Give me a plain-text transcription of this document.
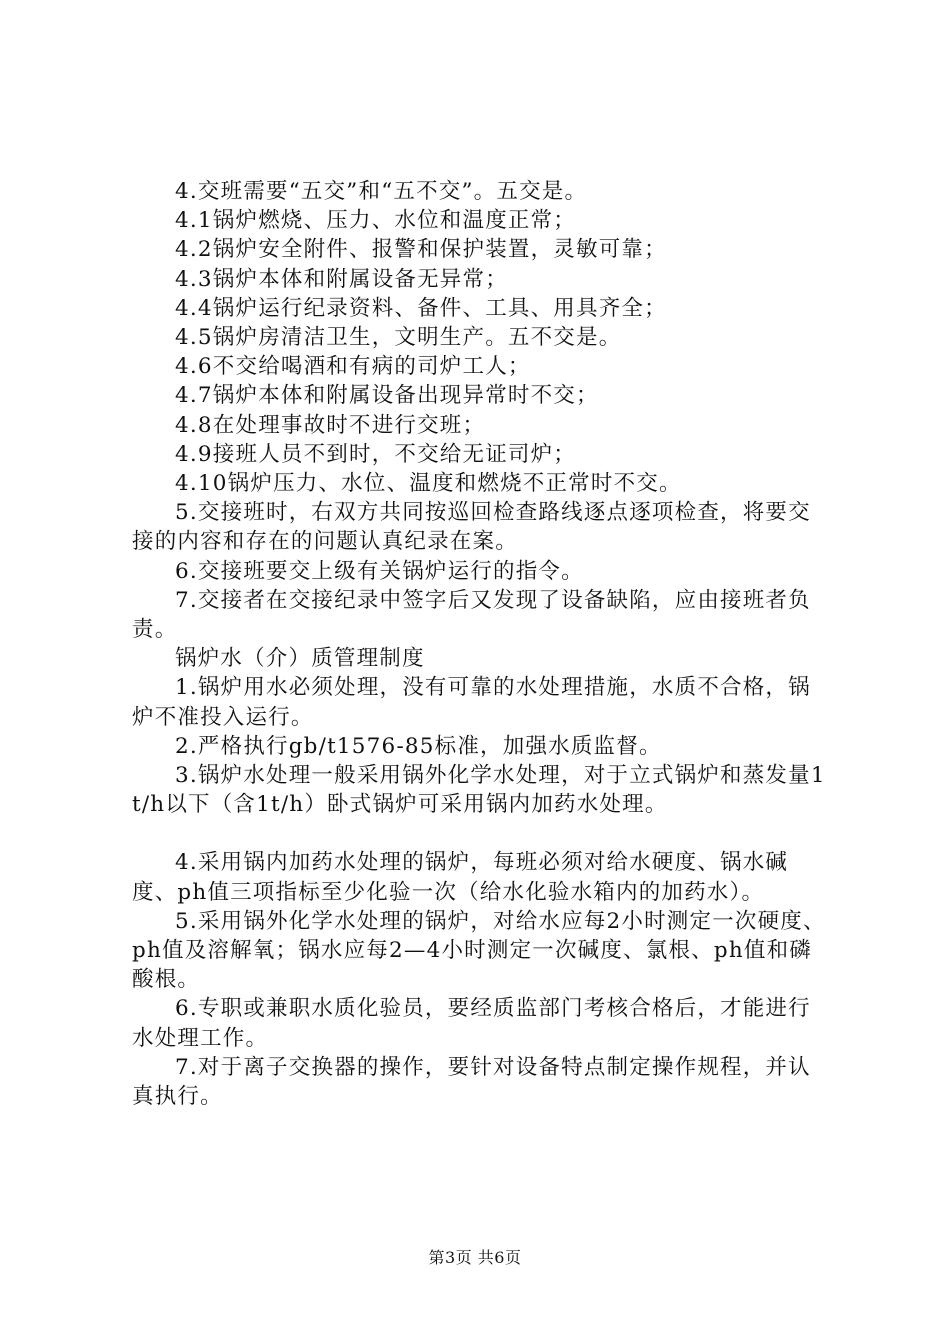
4.交班需要“五交”和“五不交”。五交是。

4.1锅炉燃烧、压力、水位和温度正常；

4.2锅炉安全附件、报警和保护装置，灵敏可靠；

4.3锅炉本体和附属设备无异常；

4.4锅炉运行纪录资料、备件、工具、用具齐全；

4.5锅炉房清洁卫生，文明生产。五不交是。

4.6不交给喝酒和有病的司炉工人；

4.7锅炉本体和附属设备出现异常时不交；

4.8在处理事故时不进行交班；

4.9接班人员不到时，不交给无证司炉；

4.10锅炉压力、水位、温度和燃烧不正常时不交。

5.交接班时，右双方共同按巡回检查路线逐点逐项检查，将要交接的内容和存在的问题认真纪录在案。

6.交接班要交上级有关锅炉运行的指令。

7.交接者在交接纪录中签字后又发现了设备缺陷，应由接班者负责。

锅炉水（介）质管理制度

1.锅炉用水必须处理，没有可靠的水处理措施，水质不合格，锅炉不准投入运行。

2.严格执行gb/t1576-85标准，加强水质监督。

3.锅炉水处理一般采用锅外化学水处理，对于立式锅炉和蒸发量1t/h以下（含1t/h）卧式锅炉可采用锅内加药水处理。

4.采用锅内加药水处理的锅炉，每班必须对给水硬度、锅水碱度、ph值三项指标至少化验一次（给水化验水箱内的加药水）。

5.采用锅外化学水处理的锅炉，对给水应每2小时测定一次硬度、ph值及溶解氧；锅水应每2—4小时测定一次碱度、氯根、ph值和磷酸根。

6.专职或兼职水质化验员，要经质监部门考核合格后，才能进行水处理工作。

7.对于离子交换器的操作，要针对设备特点制定操作规程，并认真执行。

第3页 共6页
